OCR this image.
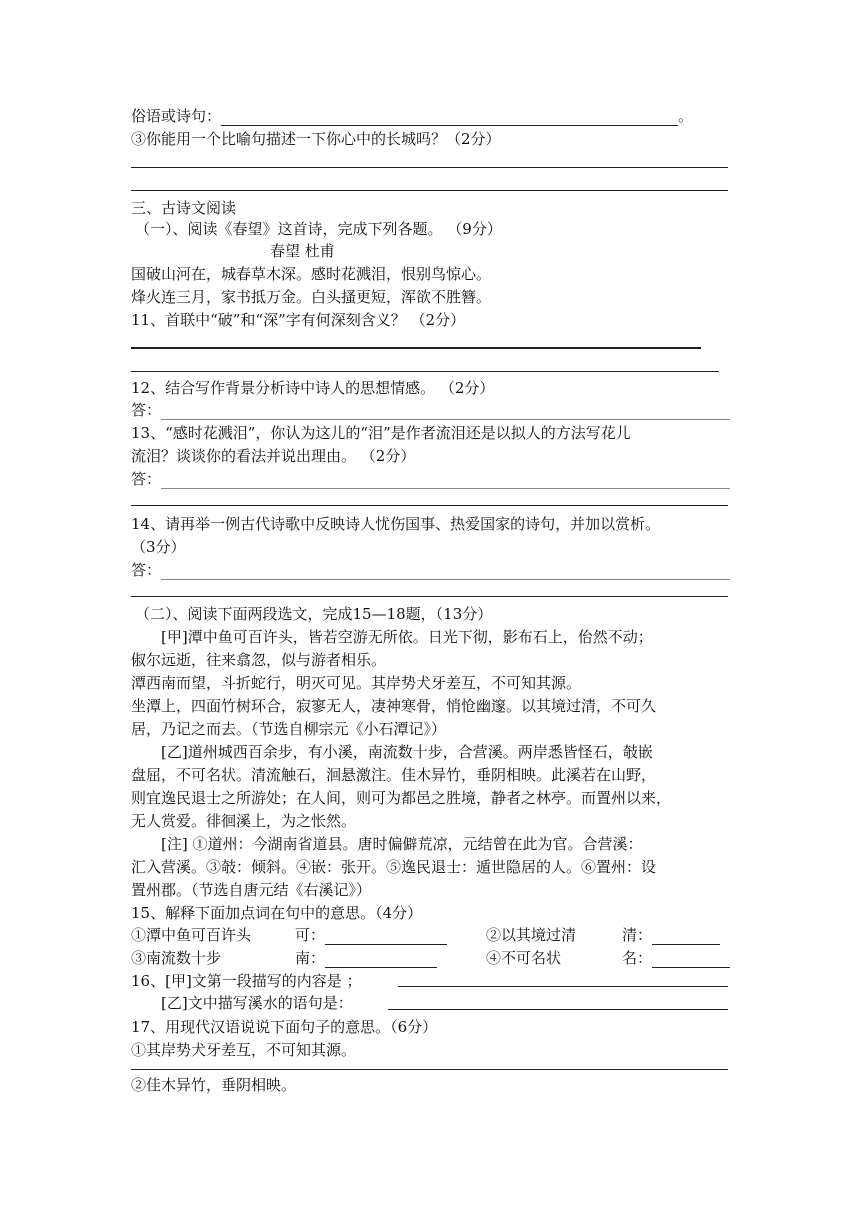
俗语或诗句：	。
③你能用一个比喻句描述一下你心中的长城吗？（2分）
三、古诗文阅读
（一）、阅读《春望》这首诗，完成下列各题。 （9分）
春望 杜甫
国破山河在，城春草木深。感时花溅泪，恨别鸟惊心。
烽火连三月，家书抵万金。白头搔更短，浑欲不胜簪。
11、首联中“破”和“深”字有何深刻含义？ （2分）
12、结合写作背景分析诗中诗人的思想情感。 （2分）
答：
13、“感时花溅泪”，你认为这儿的“泪”是作者流泪还是以拟人的方法写花儿
流泪？谈谈你的看法并说出理由。 （2分）
答：
14、请再举一例古代诗歌中反映诗人忧伤国事、热爱国家的诗句，并加以赏析。
（3分）
答：
（二）、阅读下面两段选文，完成15—18题，（13分）
[甲]潭中鱼可百许头，皆若空游无所依。日光下彻，影布石上，佁然不动；
俶尔远逝，往来翕忽，似与游者相乐。
潭西南而望，斗折蛇行，明灭可见。其岸势犬牙差互，不可知其源。
坐潭上，四面竹树环合，寂寥无人，凄神寒骨，悄怆幽邃。以其境过清，不可久
居，乃记之而去。（节选自柳宗元《小石潭记》）
[乙]道州城西百余步，有小溪，南流数十步，合营溪。两岸悉皆怪石，攲嵌
盘屈，不可名状。清流触石，洄悬激注。佳木异竹，垂阴相映。此溪若在山野，
则宜逸民退士之所游处；在人间，则可为都邑之胜境，静者之林亭。而置州以来，
无人赏爱。徘徊溪上，为之怅然。
[注] ①道州：今湖南省道县。唐时偏僻荒凉，元结曾在此为官。合营溪：
汇入营溪。③攲：倾斜。④嵌：张开。⑤逸民退士：遁世隐居的人。⑥置州：设
置州郡。（节选自唐元结《右溪记》）
15、解释下面加点词在句中的意思。（4分）
①潭中鱼可百许头	可：	②以其境过清	清：
③南流数十步	南：	④不可名状	名：
16、[甲]文第一段描写的内容是 ；
[乙]文中描写溪水的语句是：
17、用现代汉语说说下面句子的意思。（6分）
①其岸势犬牙差互，不可知其源。
②佳木异竹，垂阴相映。
